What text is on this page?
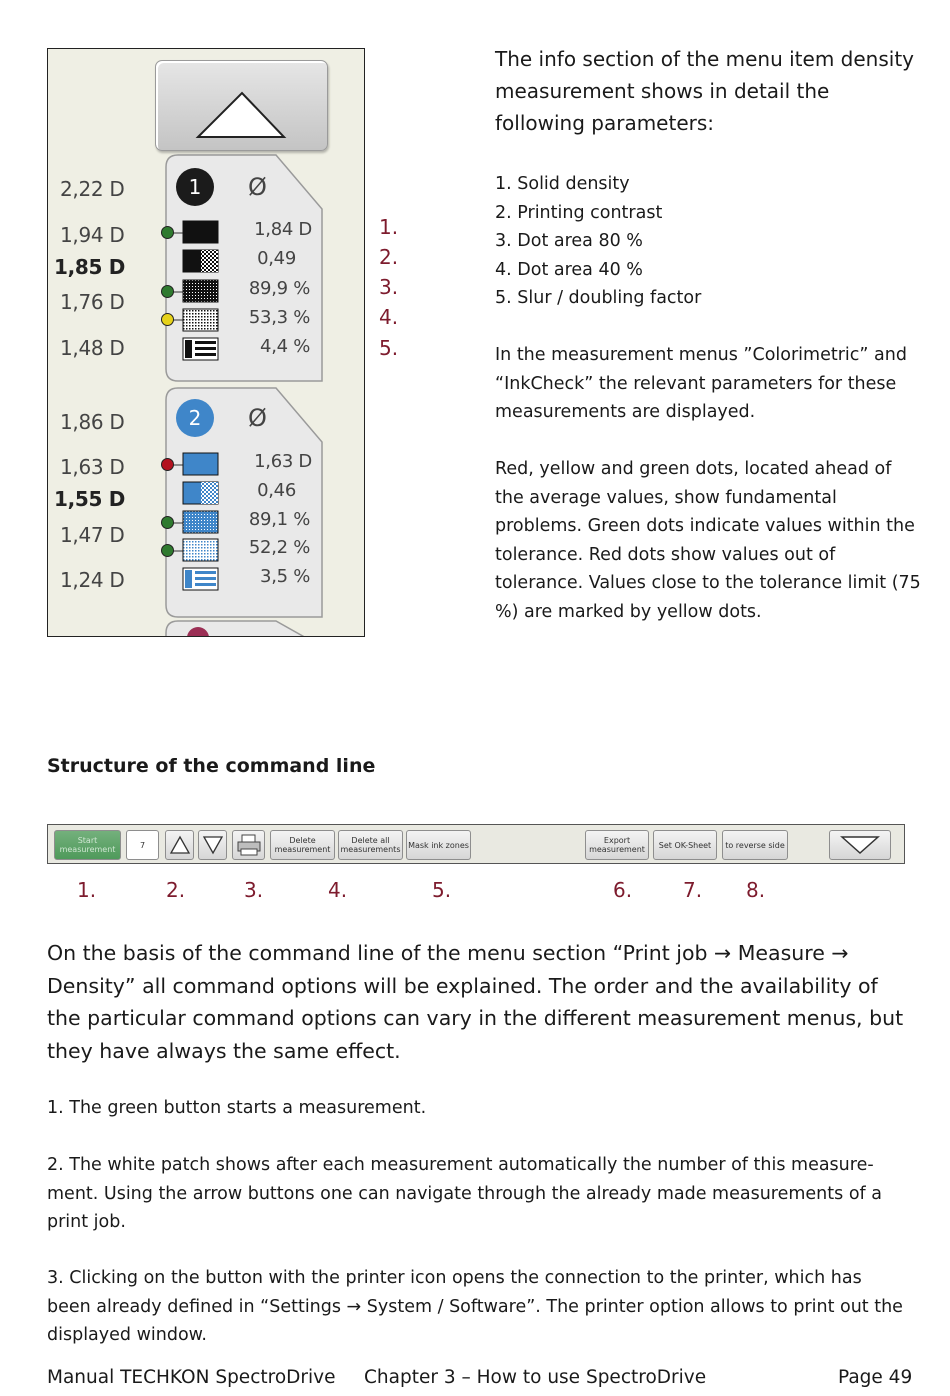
2,22 D
1,94 D
1,85 D
1,76 D
1,48 D
1,86 D
1,63 D
1,55 D
1,47 D
1,24 D
1
2
Ø
Ø
1,84 D
0,49
89,9 %
53,3 %
4,4 %
1,63 D
0,46
89,1 %
52,2 %
3,5 %
1.
2.
3.
4.
5.
The info section of the menu item density measurement shows in detail the following parameters:
1. Solid density
2. Printing contrast
3. Dot area 80 %
4. Dot area 40 %
5. Slur / doubling factor
In the measurement menus ”Colorimetric” and “InkCheck” the relevant parameters for these measurements are displayed.
Red, yellow and green dots, located ahead of the average values, show fundamental problems. Green dots indicate values within the tolerance. Red dots show values out of tolerance. Values close to the tolerance limit (75 %) are marked by yellow dots.
Structure of the command line
Start measurement	7	Delete measurement
Delete all measurements Mask ink zones	Export measurement	Set OK-Sheet	to reverse side
1.	2.	3.	4.	5.	6.	7. 8.
On the basis of the command line of the menu section “Print job → Measure → Density” all command options will be explained. The order and the availability of the particular command options can vary in the different measurement menus, but they have always the same effect.
1. The green button starts a measurement.
2. The white patch shows after each measurement automatically the number of this measure-ment. Using the arrow buttons one can navigate through the already made measurements of a print job.
3. Clicking on the button with the printer icon opens the connection to the printer, which has been already defined in “Settings → System / Software”. The printer option allows to print out the displayed window.
Manual TECHKON SpectroDrive Chapter 3 – How to use SpectroDrive	Page 49
